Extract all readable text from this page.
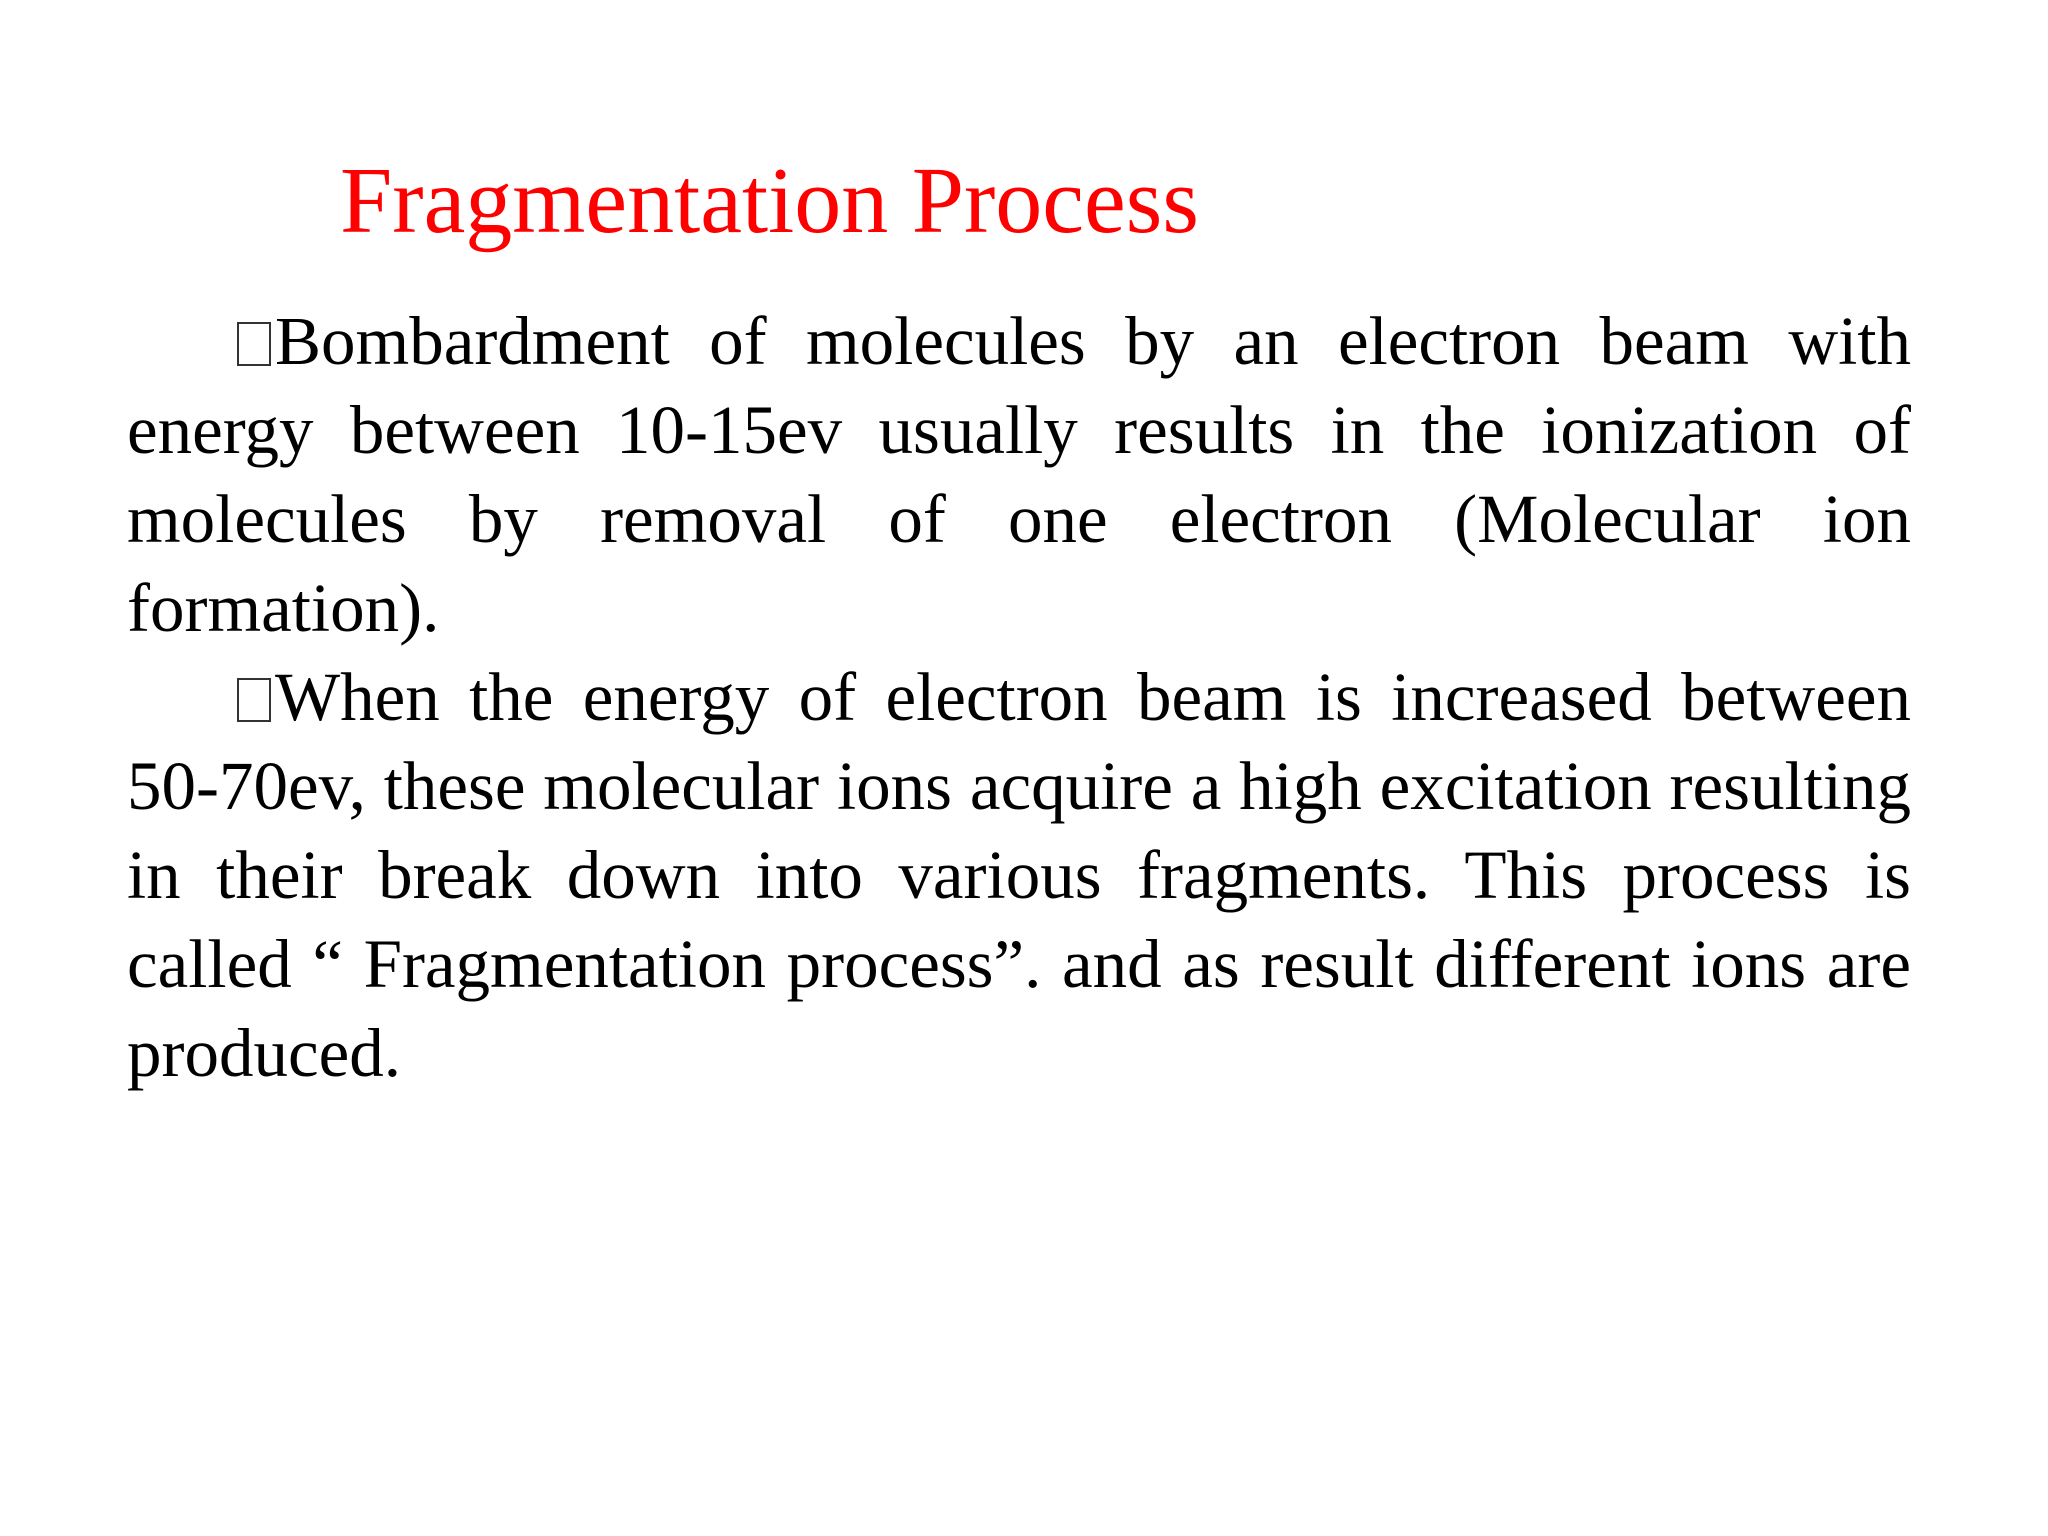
Fragmentation Process

Bombardment of molecules by an electron beam with energy between 10-15ev usually results in the ionization of molecules by removal of one electron (Molecular ion formation).

When the energy of electron beam is increased between 50-70ev, these molecular ions acquire a high excitation resulting in their break down into various fragments. This process is called “ Fragmentation process”. and as result different ions are produced.
